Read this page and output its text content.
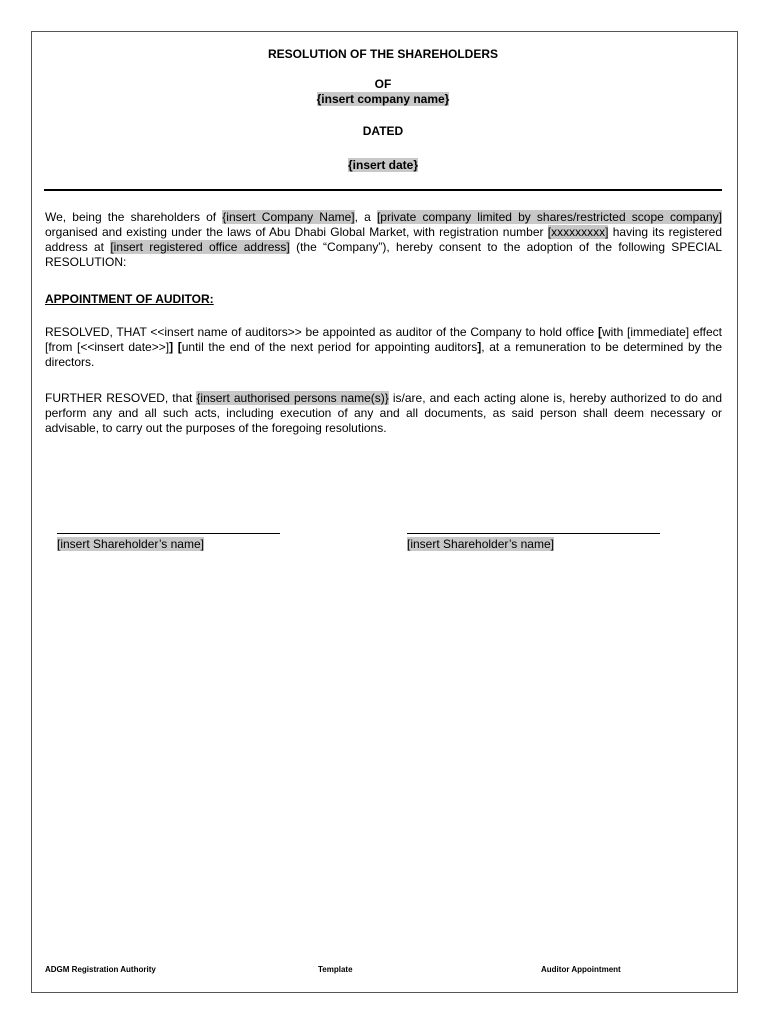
RESOLUTION OF THE SHAREHOLDERS
OF
{insert company name}
DATED
{insert date}
We, being the shareholders of {insert Company Name], a [private company limited by shares/restricted scope company] organised and existing under the laws of Abu Dhabi Global Market, with registration number [xxxxxxxxx] having its registered address at [insert registered office address] (the “Company”), hereby consent to the adoption of the following SPECIAL RESOLUTION:
APPOINTMENT OF AUDITOR:
RESOLVED, THAT <<insert name of auditors>> be appointed as auditor of the Company to hold office [with [immediate] effect [from [<<insert date>>]] [until the end of the next period for appointing auditors], at a remuneration to be determined by the directors.
FURTHER RESOVED, that {insert authorised persons name(s)} is/are, and each acting alone is, hereby authorized to do and perform any and all such acts, including execution of any and all documents, as said person shall deem necessary or advisable, to carry out the purposes of the foregoing resolutions.
[insert Shareholder’s name]	[insert Shareholder’s name]
ADGM Registration Authority	Template	Auditor Appointment
